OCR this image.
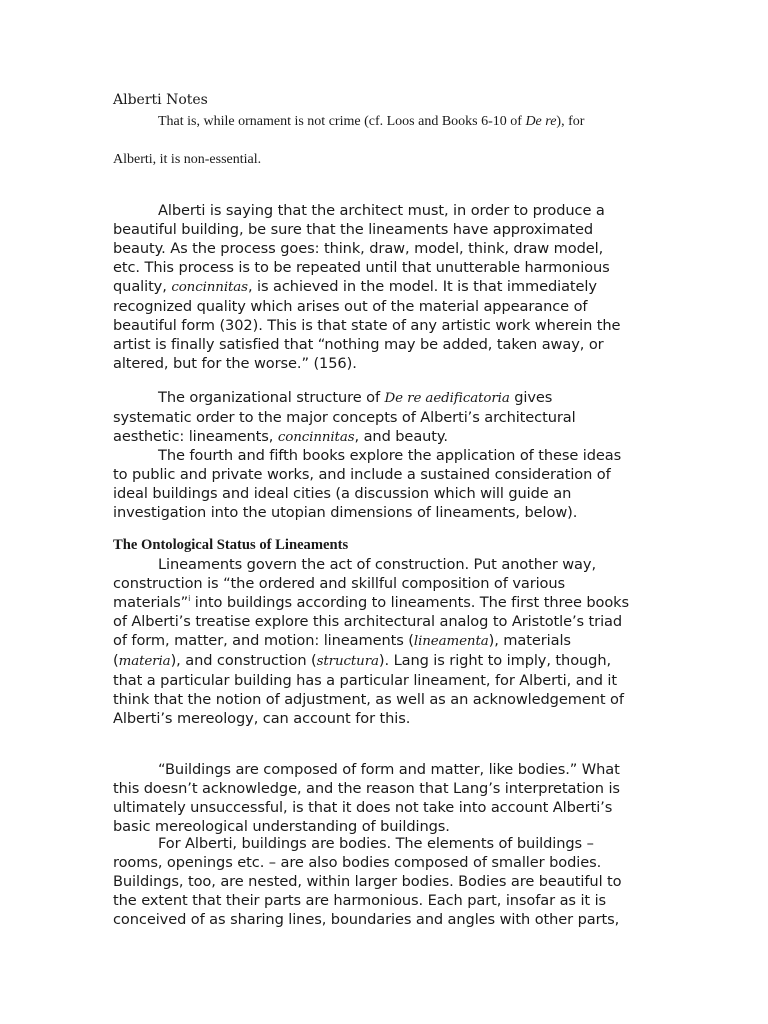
Alberti Notes
That is, while ornament is not crime (cf. Loos and Books 6-10 of De re), for
Alberti, it is non-essential.
Alberti is saying that the architect must, in order to produce a
beautiful building, be sure that the lineaments have approximated
beauty. As the process goes: think, draw, model, think, draw model,
etc. This process is to be repeated until that unutterable harmonious
quality, concinnitas, is achieved in the model. It is that immediately
recognized quality which arises out of the material appearance of
beautiful form (302). This is that state of any artistic work wherein the
artist is finally satisfied that “nothing may be added, taken away, or
altered, but for the worse.” (156).
The organizational structure of De re aedificatoria gives
systematic order to the major concepts of Alberti’s architectural
aesthetic: lineaments, concinnitas, and beauty.
The fourth and fifth books explore the application of these ideas
to public and private works, and include a sustained consideration of
ideal buildings and ideal cities (a discussion which will guide an
investigation into the utopian dimensions of lineaments, below).
The Ontological Status of Lineaments
Lineaments govern the act of construction. Put another way,
construction is “the ordered and skillful composition of various
materials”$^i$ into buildings according to lineaments. The first three books
of Alberti’s treatise explore this architectural analog to Aristotle’s triad
of form, matter, and motion: lineaments (lineamenta), materials
(materia), and construction (structura). Lang is right to imply, though,
that a particular building has a particular lineament, for Alberti, and it
think that the notion of adjustment, as well as an acknowledgement of
Alberti’s mereology, can account for this.
“Buildings are composed of form and matter, like bodies.” What
this doesn’t acknowledge, and the reason that Lang’s interpretation is
ultimately unsuccessful, is that it does not take into account Alberti’s
basic mereological understanding of buildings.
For Alberti, buildings are bodies. The elements of buildings –
rooms, openings etc. – are also bodies composed of smaller bodies.
Buildings, too, are nested, within larger bodies. Bodies are beautiful to
the extent that their parts are harmonious. Each part, insofar as it is
conceived of as sharing lines, boundaries and angles with other parts,
